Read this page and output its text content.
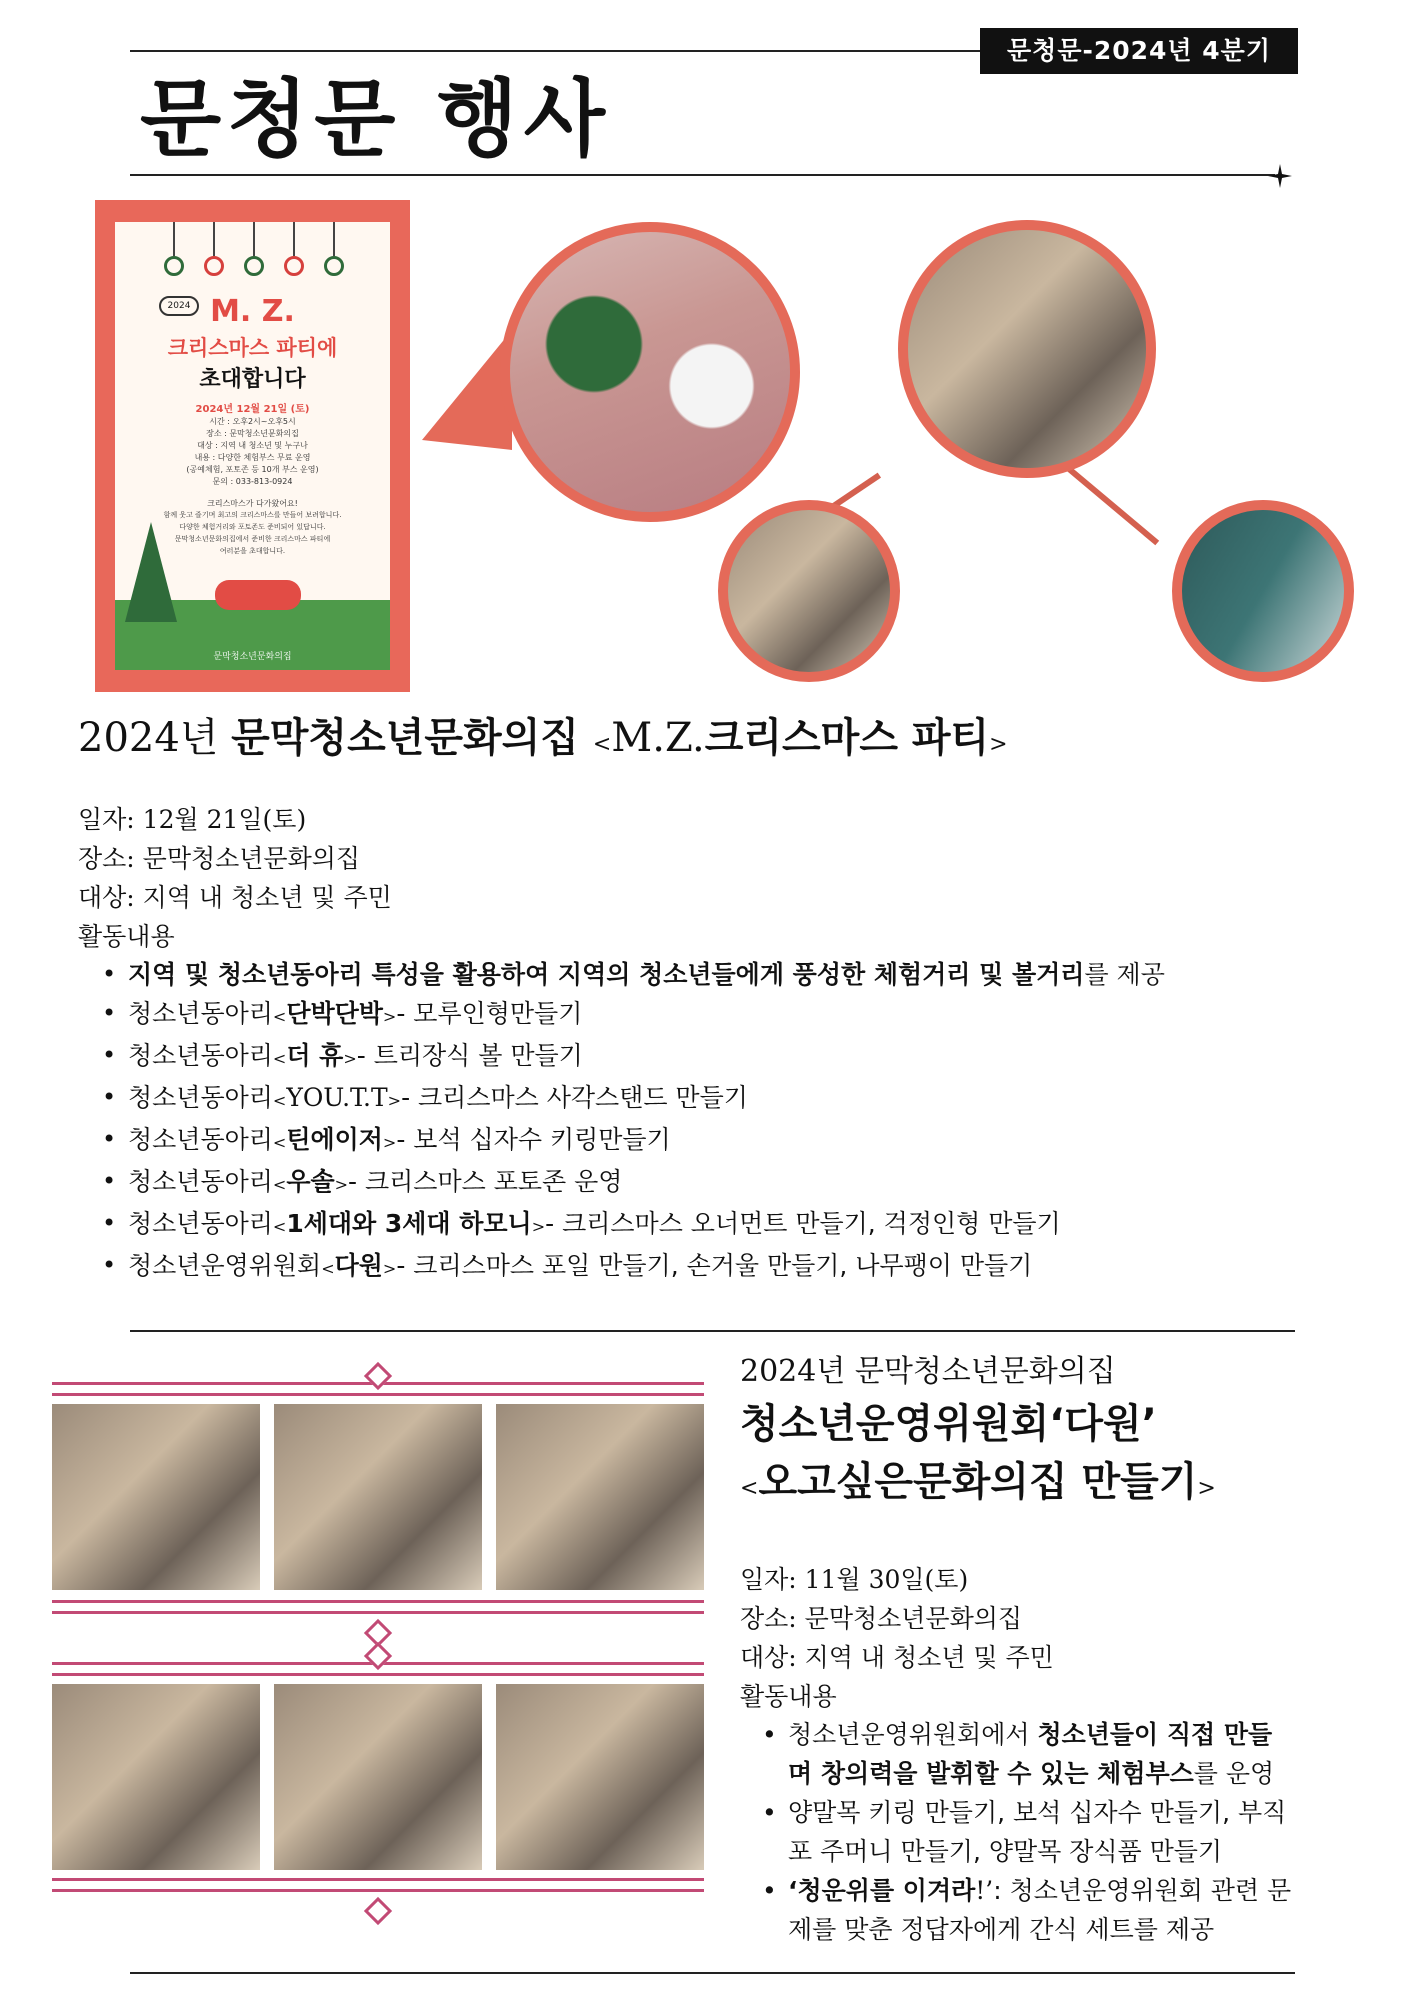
문청문-2024년 4분기
문청문 행사
2024 M. Z.
크리스마스 파티에
초대합니다
2024년 12월 21일 (토)
시간 : 오후2시~오후5시
장소 : 문막청소년문화의집
대상 : 지역 내 청소년 및 누구나
내용 : 다양한 체험부스 무료 운영
(공예체험, 포토존 등 10개 부스 운영)
문의 : 033-813-0924
크리스마스가 다가왔어요!
함께 웃고 즐기며 최고의 크리스마스를 만들어 보려합니다.
다양한 체험거리와 포토존도 준비되어 있답니다.
문막청소년문화의집에서 준비한 크리스마스 파티에
여러분을 초대합니다.
문막청소년문화의집
2024년 문막청소년문화의집 <M.Z.크리스마스 파티>
일자: 12월 21일(토)
장소: 문막청소년문화의집
대상: 지역 내 청소년 및 주민
활동내용
• 지역 및 청소년동아리 특성을 활용하여 지역의 청소년들에게 풍성한 체험거리 및 볼거리를 제공
• 청소년동아리<단박단박>- 모루인형만들기
• 청소년동아리<더 휴>- 트리장식 볼 만들기
• 청소년동아리<YOU.T.T>- 크리스마스 사각스탠드 만들기
• 청소년동아리<틴에이저>- 보석 십자수 키링만들기
• 청소년동아리<우솔>- 크리스마스 포토존 운영
• 청소년동아리<1세대와 3세대 하모니>- 크리스마스 오너먼트 만들기, 걱정인형 만들기
• 청소년운영위원회<다원>- 크리스마스 포일 만들기, 손거울 만들기, 나무팽이 만들기
2024년 문막청소년문화의집
청소년운영위원회‘다원’
<오고싶은문화의집 만들기>
일자: 11월 30일(토)
장소: 문막청소년문화의집
대상: 지역 내 청소년 및 주민
활동내용
• 청소년운영위원회에서 청소년들이 직접 만들
며 창의력을 발휘할 수 있는 체험부스를 운영
• 양말목 키링 만들기, 보석 십자수 만들기, 부직
포 주머니 만들기, 양말목 장식품 만들기
• ‘청운위를 이겨라!’: 청소년운영위원회 관련 문
제를 맞춘 정답자에게 간식 세트를 제공
